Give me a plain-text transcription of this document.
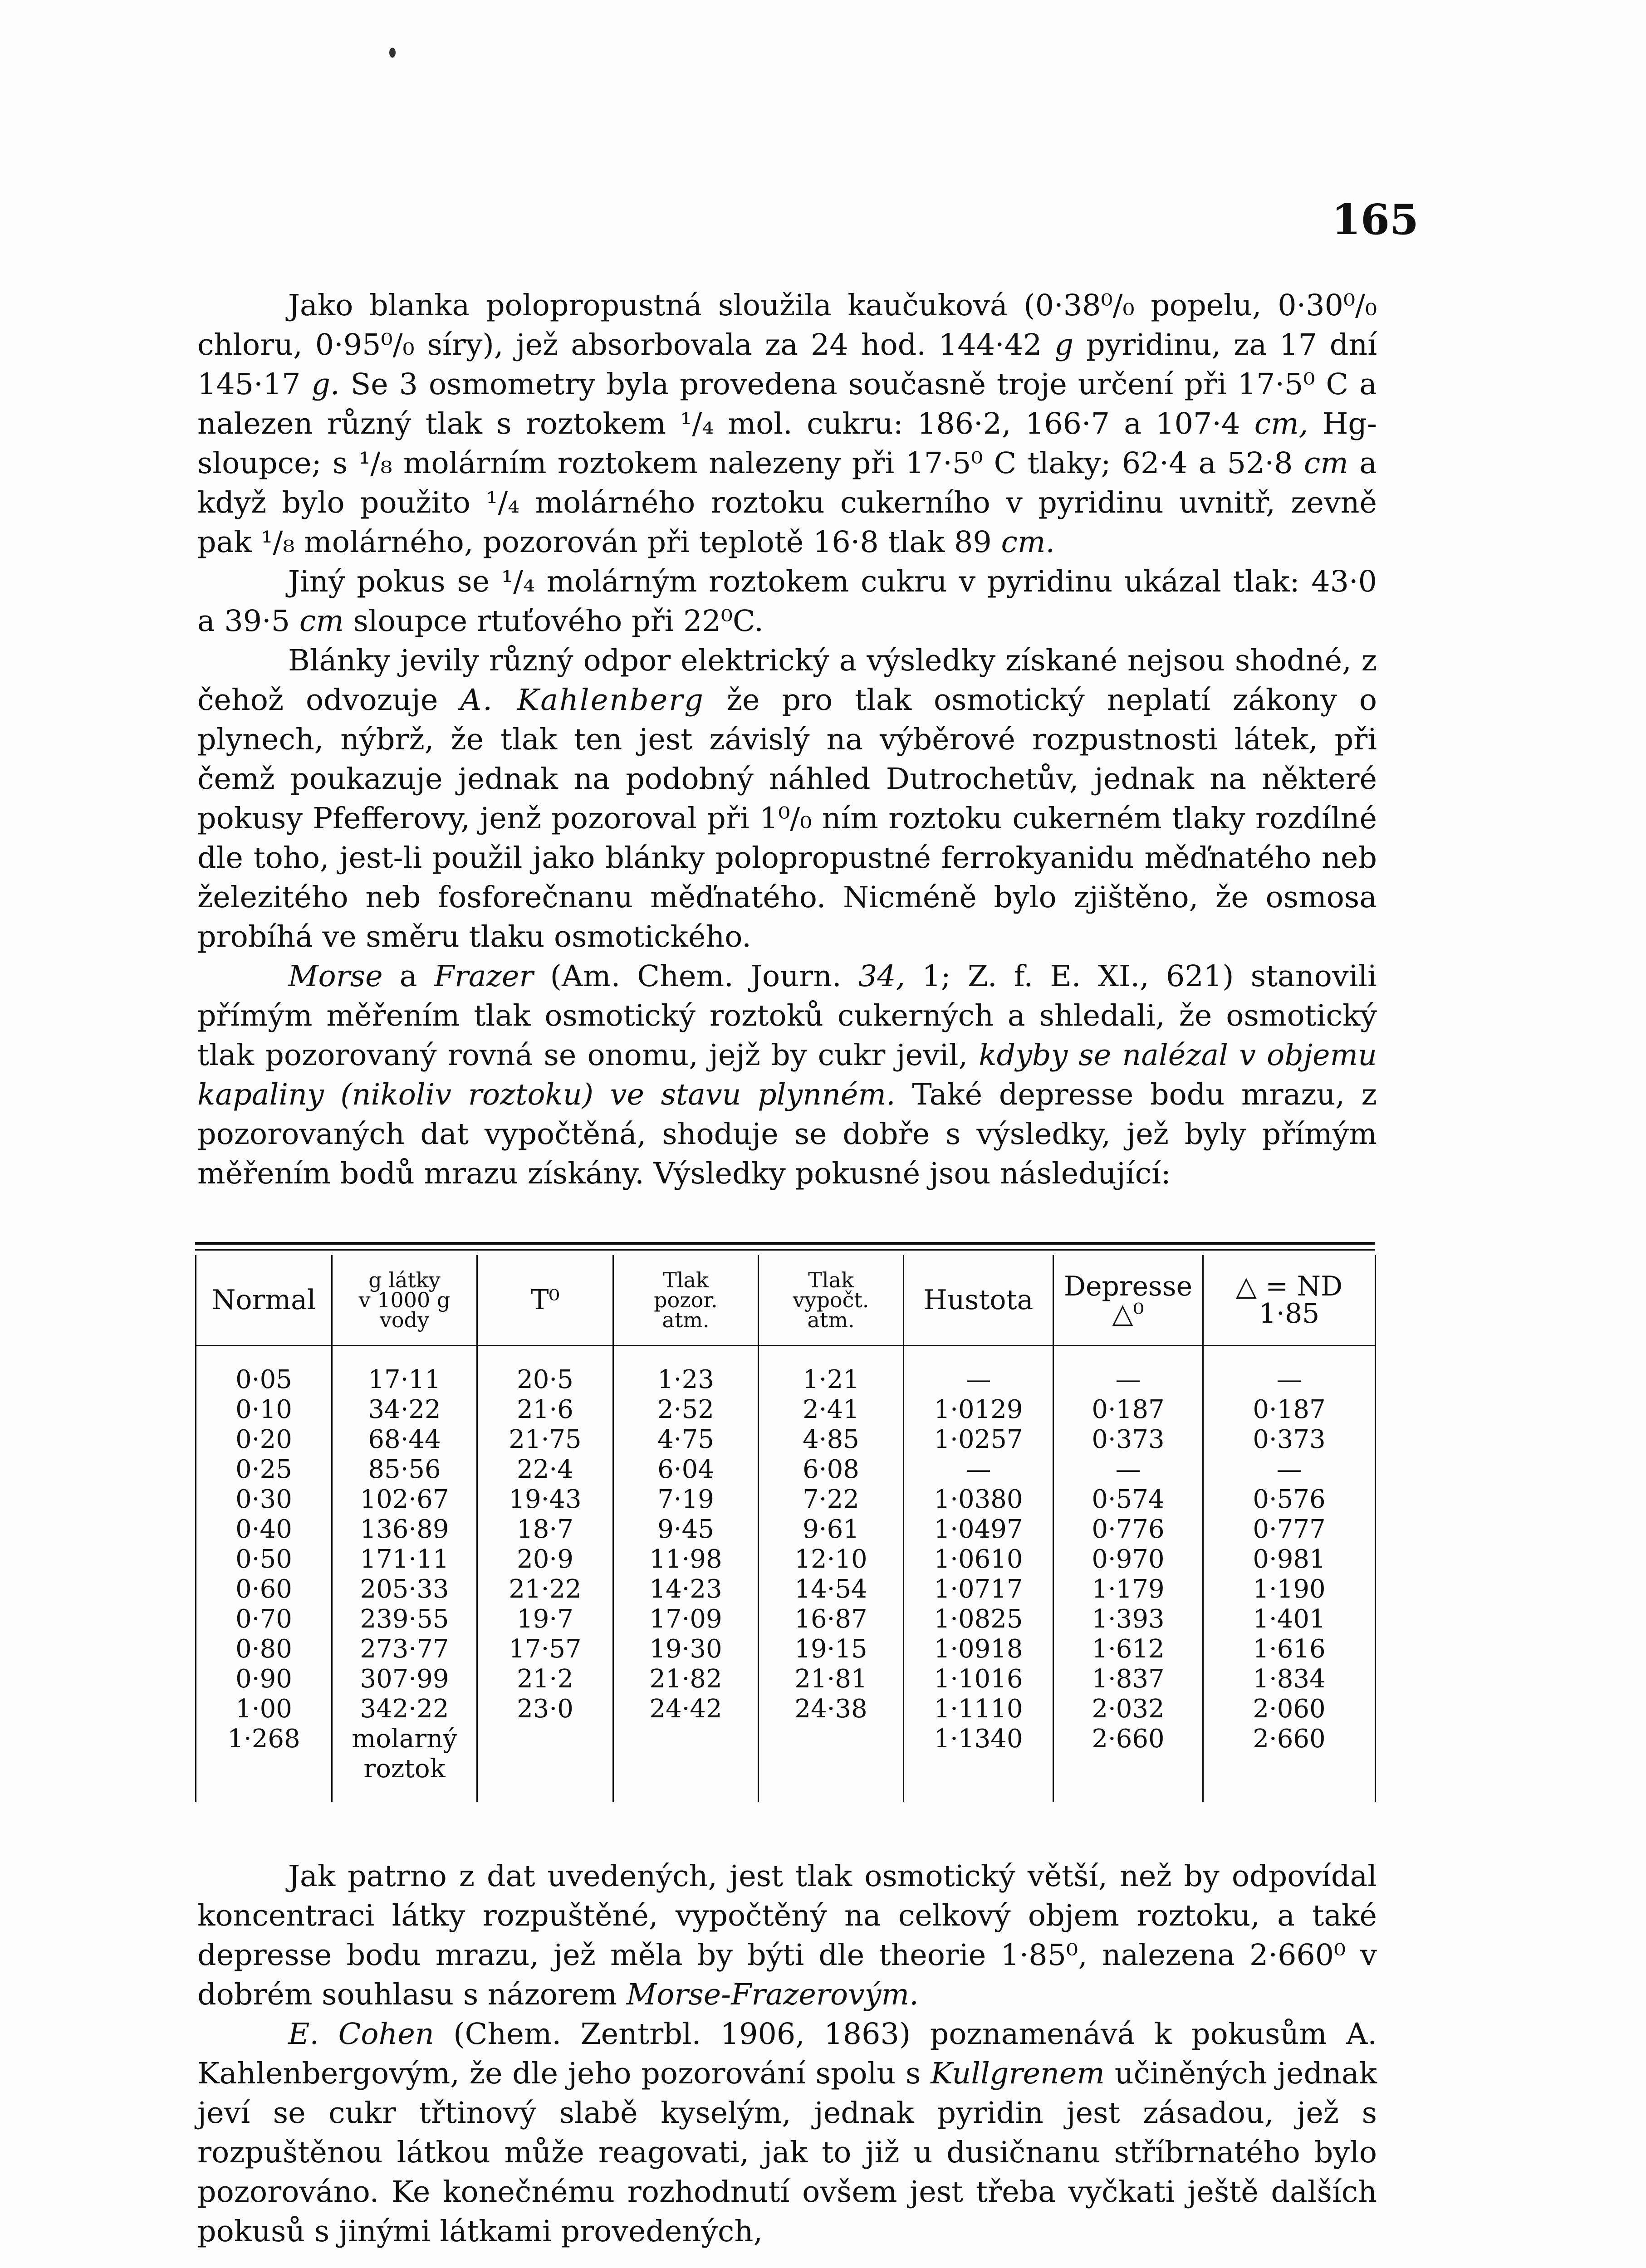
165

Jako blanka polopropustná sloužila kaučuková (0·38⁰/₀ popelu, 0·30⁰/₀ chloru, 0·95⁰/₀ síry), jež absorbovala za 24 hod. 144·42 g pyridinu, za 17 dní 145·17 g. Se 3 osmometry byla provedena současně troje určení při 17·5⁰ C a nalezen různý tlak s roztokem ¹/₄ mol. cukru: 186·2, 166·7 a 107·4 cm, Hg-sloupce; s ¹/₈ molárním roztokem nalezeny při 17·5⁰ C tlaky; 62·4 a 52·8 cm a když bylo použito ¹/₄ molárného roztoku cukerního v pyridinu uvnitř, zevně pak ¹/₈ molárného, pozorován při teplotě 16·8 tlak 89 cm.

Jiný pokus se ¹/₄ molárným roztokem cukru v pyridinu ukázal tlak: 43·0 a 39·5 cm sloupce rtuťového při 22⁰C.

Blánky jevily různý odpor elektrický a výsledky získané nejsou shodné, z čehož odvozuje A. Kahlenberg že pro tlak osmotický neplatí zákony o plynech, nýbrž, že tlak ten jest závislý na výběrové rozpustnosti látek, při čemž poukazuje jednak na podobný náhled Dutrochetův, jednak na některé pokusy Pfefferovy, jenž pozoroval při 1⁰/₀ ním roztoku cukerném tlaky rozdílné dle toho, jest-li použil jako blánky polopropustné ferrokyanidu měďnatého neb železitého neb fosforečnanu měďnatého. Nicméně bylo zjištěno, že osmosa probíhá ve směru tlaku osmotického.

Morse a Frazer (Am. Chem. Journ. 34, 1; Z. f. E. XI., 621) stanovili přímým měřením tlak osmotický roztoků cukerných a shledali, že osmotický tlak pozorovaný rovná se onomu, jejž by cukr jevil, kdyby se nalézal v objemu kapaliny (nikoliv roztoku) ve stavu plynném. Také depresse bodu mrazu, z pozorovaných dat vypočtěná, shoduje se dobře s výsledky, jež byly přímým měřením bodů mrazu získány. Výsledky pokusné jsou následující:

Normal	g látky
v 1000 g
vody	T⁰	Tlak
pozor.
atm.	Tlak
vypočt.
atm.	Hustota	Depresse
△⁰	△ = ND
1·85
0·05	17·11	20·5	1·23	1·21	—	—	—
0·10	34·22	21·6	2·52	2·41	1·0129	0·187	0·187
0·20	68·44	21·75	4·75	4·85	1·0257	0·373	0·373
0·25	85·56	22·4	6·04	6·08	—	—	—
0·30	102·67	19·43	7·19	7·22	1·0380	0·574	0·576
0·40	136·89	18·7	9·45	9·61	1·0497	0·776	0·777
0·50	171·11	20·9	11·98	12·10	1·0610	0·970	0·981
0·60	205·33	21·22	14·23	14·54	1·0717	1·179	1·190
0·70	239·55	19·7	17·09	16·87	1·0825	1·393	1·401
0·80	273·77	17·57	19·30	19·15	1·0918	1·612	1·616
0·90	307·99	21·2	21·82	21·81	1·1016	1·837	1·834
1·00	342·22	23·0	24·42	24·38	1·1110	2·032	2·060
1·268	molarný				1·1340	2·660	2·660
	roztok						

Jak patrno z dat uvedených, jest tlak osmotický větší, než by odpovídal koncentraci látky rozpuštěné, vypočtěný na celkový objem roztoku, a také depresse bodu mrazu, jež měla by býti dle theorie 1·85⁰, nalezena 2·660⁰ v dobrém souhlasu s názorem Morse-Frazerovým.

E. Cohen (Chem. Zentrbl. 1906, 1863) poznamenává k pokusům A. Kahlenbergovým, že dle jeho pozorování spolu s Kullgrenem učiněných jednak jeví se cukr třtinový slabě kyselým, jednak pyridin jest zásadou, jež s rozpuštěnou látkou může reagovati, jak to již u dusičnanu stříbrnatého bylo pozorováno. Ke konečnému rozhodnutí ovšem jest třeba vyčkati ještě dalších pokusů s jinými látkami provedených,
